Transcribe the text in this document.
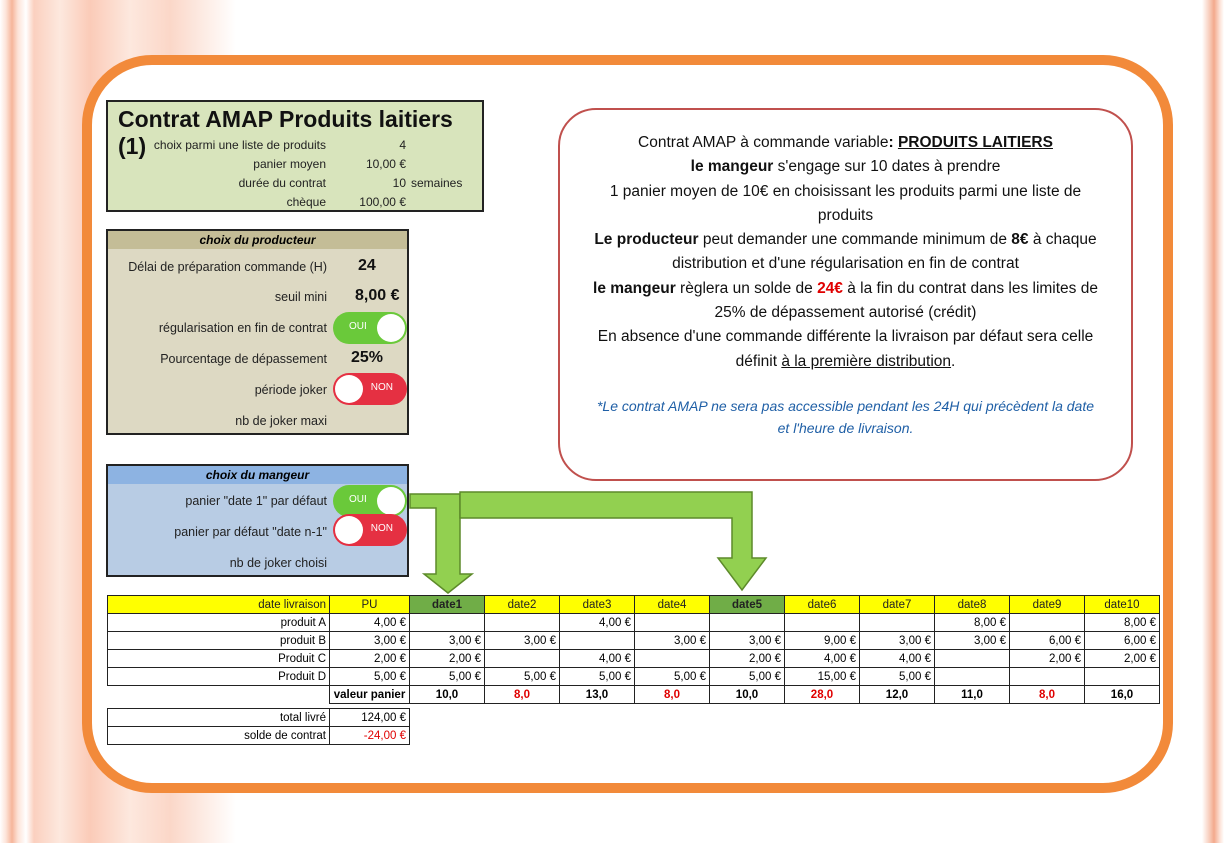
Contrat AMAP Produits laitiers (1) choix parmi une liste de produits	4
panier moyen	10,00 €
durée du contrat	10 semaines
chèque	100,00 €
choix du producteur
Délai de préparation commande (H) 24
seuil mini 8,00 €
régularisation en fin de contrat OUI
Pourcentage de dépassement 25%
période joker	NON
nb de joker maxi
choix du mangeur
panier "date 1" par défaut OUI
panier par défaut "date n-1"	NON
nb de joker choisi
Contrat AMAP à commande variable: PRODUITS LAITIERS
le mangeur s'engage sur 10 dates à prendre
1 panier moyen de 10€ en choisissant les produits parmi une liste de produits
Le producteur peut demander une commande minimum de 8€ à chaque distribution et d'une régularisation en fin de contrat
le mangeur règlera un solde de 24€ à la fin du contrat dans les limites de 25% de dépassement autorisé (crédit)
En absence d'une commande différente la livraison par défaut sera celle définit à la première distribution.
*Le contrat AMAP ne sera pas accessible pendant les 24H qui précèdent la date et l'heure de livraison.
date livraison	PU	date1	date2	date3	date4	date5	date6	date7	date8	date9	date10
produit A	4,00 €			4,00 €					8,00 €		8,00 €
produit B	3,00 €	3,00 €	3,00 €		3,00 €	3,00 €	9,00 €	3,00 €	3,00 €	6,00 €	6,00 €
Produit C	2,00 €	2,00 €		4,00 €		2,00 €	4,00 €	4,00 €		2,00 €	2,00 €
Produit D	5,00 €	5,00 €	5,00 €	5,00 €	5,00 €	5,00 €	15,00 €	5,00 €			
	valeur panier	10,0	8,0	13,0	8,0	10,0	28,0	12,0	11,0	8,0	16,0
total livré	124,00 €
solde de contrat	-24,00 €
